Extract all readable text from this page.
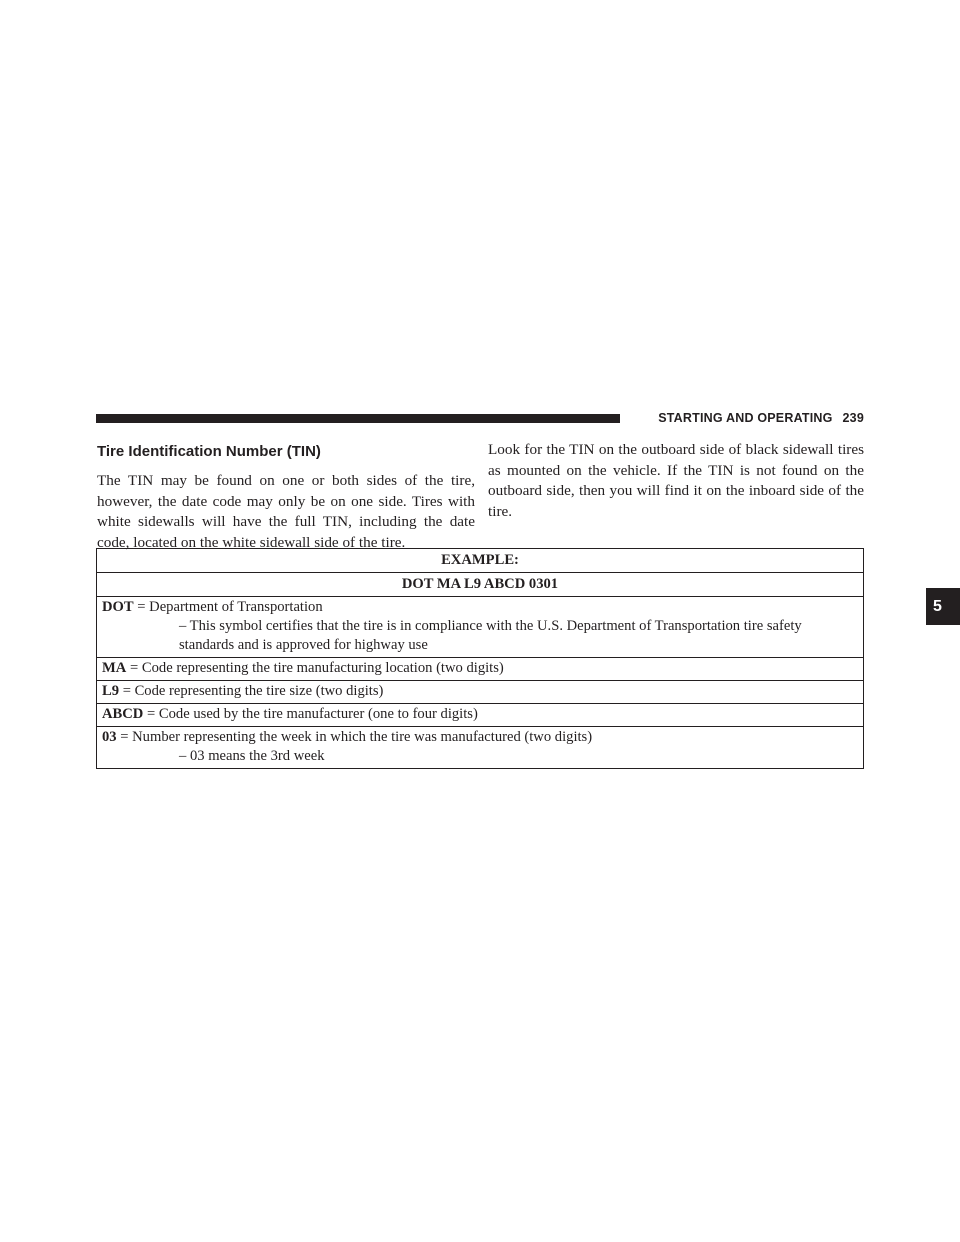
STARTING AND OPERATING 239
5
Tire Identification Number (TIN)

The TIN may be found on one or both sides of the tire, however, the date code may only be on one side. Tires with white sidewalls will have the full TIN, including the date code, located on the white sidewall side of the tire.

Look for the TIN on the outboard side of black sidewall tires as mounted on the vehicle. If the TIN is not found on the outboard side, then you will find it on the inboard side of the tire.

EXAMPLE:
DOT MA L9 ABCD 0301

DOT = Department of Transportation
– This symbol certifies that the tire is in compliance with the U.S. Department of Transportation tire safety standards and is approved for highway use

MA = Code representing the tire manufacturing location (two digits)

L9 = Code representing the tire size (two digits)

ABCD = Code used by the tire manufacturer (one to four digits)

03 = Number representing the week in which the tire was manufactured (two digits)
– 03 means the 3rd week
